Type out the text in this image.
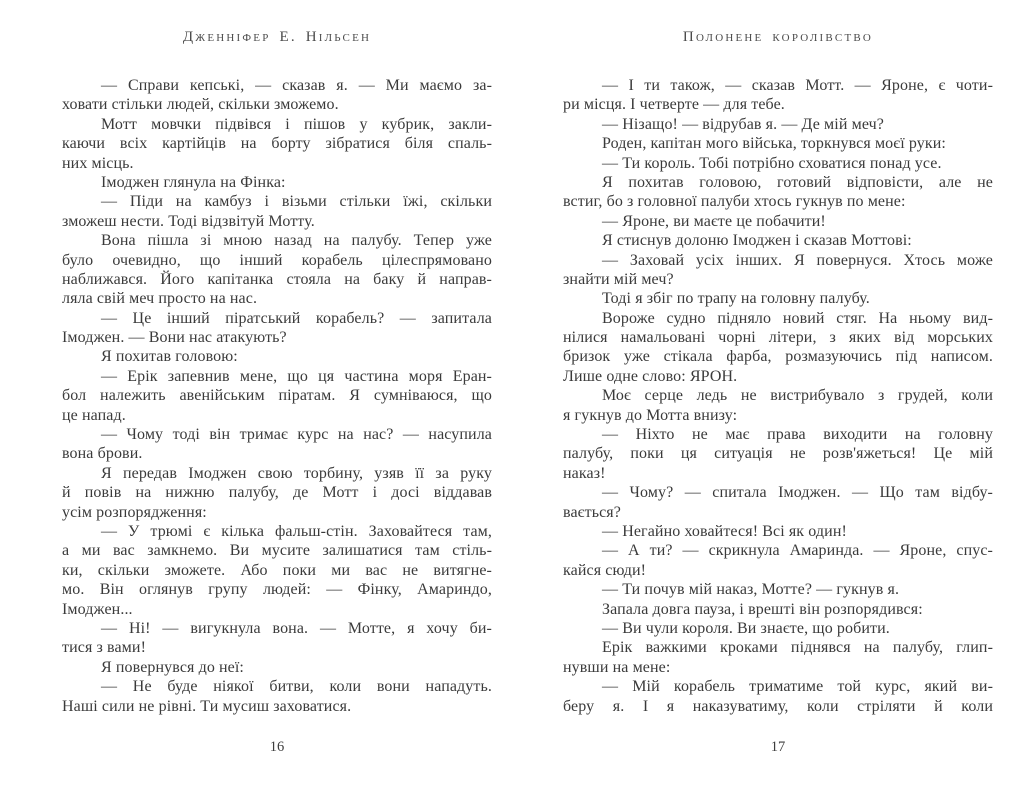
Дженніфер Е. Нільсен
— Справи кепські, — сказав я. — Ми маємо за-
ховати стільки людей, скільки зможемо.
Мотт мовчки підвівся і пішов у кубрик, закли-
каючи всіх картійців на борту зібратися біля спаль-
них місць.
Імоджен глянула на Фінка:
— Піди на камбуз і візьми стільки їжі, скільки
зможеш нести. Тоді відзвітуй Мотту.
Вона пішла зі мною назад на палубу. Тепер уже
було очевидно, що інший корабель цілеспрямовано
наближався. Його капітанка стояла на баку й направ-
ляла свій меч просто на нас.
— Це інший піратський корабель? — запитала
Імоджен. — Вони нас атакують?
Я похитав головою:
— Ерік запевнив мене, що ця частина моря Еран-
бол належить авенійським піратам. Я сумніваюся, що
це напад.
— Чому тоді він тримає курс на нас? — насупила
вона брови.
Я передав Імоджен свою торбину, узяв її за руку
й повів на нижню палубу, де Мотт і досі віддавав
усім розпорядження:
— У трюмі є кілька фальш-стін. Заховайтеся там,
а ми вас замкнемо. Ви мусите залишатися там стіль-
ки, скільки зможете. Або поки ми вас не витягне-
мо. Він оглянув групу людей: — Фінку, Амариндо,
Імоджен...
— Ні! — вигукнула вона. — Мотте, я хочу би-
тися з вами!
Я повернувся до неї:
— Не буде ніякої битви, коли вони нападуть.
Наші сили не рівні. Ти мусиш заховатися.
16
Полонене королівство
— І ти також, — сказав Мотт. — Яроне, є чоти-
ри місця. І четверте — для тебе.
— Нізащо! — відрубав я. — Де мій меч?
Роден, капітан мого війська, торкнувся моєї руки:
— Ти король. Тобі потрібно сховатися понад усе.
Я похитав головою, готовий відповісти, але не
встиг, бо з головної палуби хтось гукнув по мене:
— Яроне, ви маєте це побачити!
Я стиснув долоню Імоджен і сказав Моттові:
— Заховай усіх інших. Я повернуся. Хтось може
знайти мій меч?
Тоді я збіг по трапу на головну палубу.
Вороже судно підняло новий стяг. На ньому вид-
нілися намальовані чорні літери, з яких від морських
бризок уже стікала фарба, розмазуючись під написом.
Лише одне слово: ЯРОН.
Моє серце ледь не вистрибувало з грудей, коли
я гукнув до Мотта внизу:
— Ніхто не має права виходити на головну
палубу, поки ця ситуація не розв'яжеться! Це мій
наказ!
— Чому? — спитала Імоджен. — Що там відбу-
вається?
— Негайно ховайтеся! Всі як один!
— А ти? — скрикнула Амаринда. — Яроне, спус-
кайся сюди!
— Ти почув мій наказ, Мотте? — гукнув я.
Запала довга пауза, і врешті він розпорядився:
— Ви чули короля. Ви знаєте, що робити.
Ерік важкими кроками піднявся на палубу, глип-
нувши на мене:
— Мій корабель триматиме той курс, який ви-
беру я. І я наказуватиму, коли стріляти й коли
17
